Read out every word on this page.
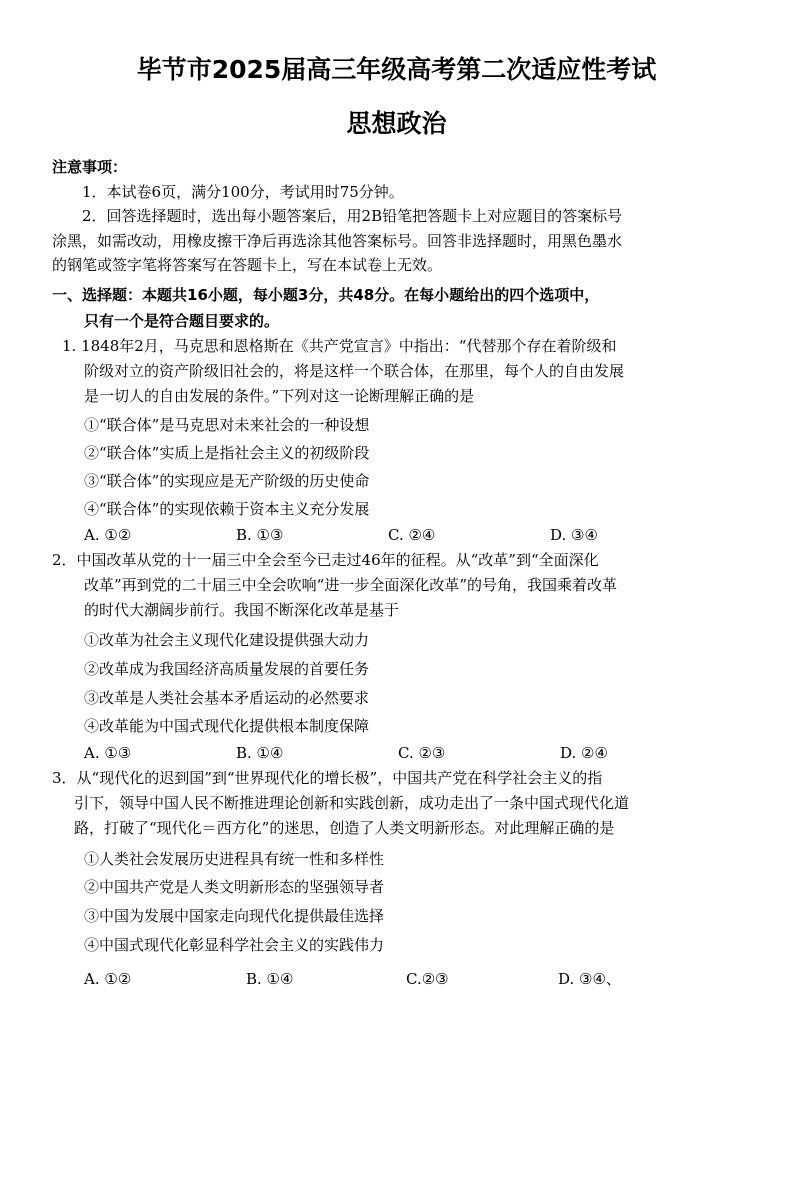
毕节市2025届高三年级高考第二次适应性考试
思想政治
注意事项：
1．本试卷6页，满分100分，考试用时75分钟。
2．回答选择题时，选出每小题答案后，用2B铅笔把答题卡上对应题目的答案标号
涂黑，如需改动，用橡皮擦干净后再选涂其他答案标号。回答非选择题时，用黑色墨水
的钢笔或签字笔将答案写在答题卡上，写在本试卷上无效。
一、选择题：本题共16小题，每小题3分，共48分。在每小题给出的四个选项中，
只有一个是符合题目要求的。
1. 1848年2月，马克思和恩格斯在《共产党宣言》中指出：“代替那个存在着阶级和
阶级对立的资产阶级旧社会的，将是这样一个联合体，在那里，每个人的自由发展
是一切人的自由发展的条件。”下列对这一论断理解正确的是
①“联合体”是马克思对未来社会的一种设想
②“联合体”实质上是指社会主义的初级阶段
③“联合体”的实现应是无产阶级的历史使命
④“联合体”的实现依赖于资本主义充分发展
A. ①②	B. ①③	C. ②④	D. ③④
2．中国改革从党的十一届三中全会至今已走过46年的征程。从“改革”到“全面深化
改革”再到党的二十届三中全会吹响“进一步全面深化改革”的号角，我国乘着改革
的时代大潮阔步前行。我国不断深化改革是基于
①改革为社会主义现代化建设提供强大动力
②改革成为我国经济高质量发展的首要任务
③改革是人类社会基本矛盾运动的必然要求
④改革能为中国式现代化提供根本制度保障
A. ①③	B. ①④	C. ②③	D. ②④
3．从“现代化的迟到国”到“世界现代化的增长极”，中国共产党在科学社会主义的指
引下，领导中国人民不断推进理论创新和实践创新，成功走出了一条中国式现代化道
路，打破了“现代化＝西方化”的迷思，创造了人类文明新形态。对此理解正确的是
①人类社会发展历史进程具有统一性和多样性
②中国共产党是人类文明新形态的坚强领导者
③中国为发展中国家走向现代化提供最佳选择
④中国式现代化彰显科学社会主义的实践伟力
A. ①②	B. ①④	C.②③	D. ③④、
